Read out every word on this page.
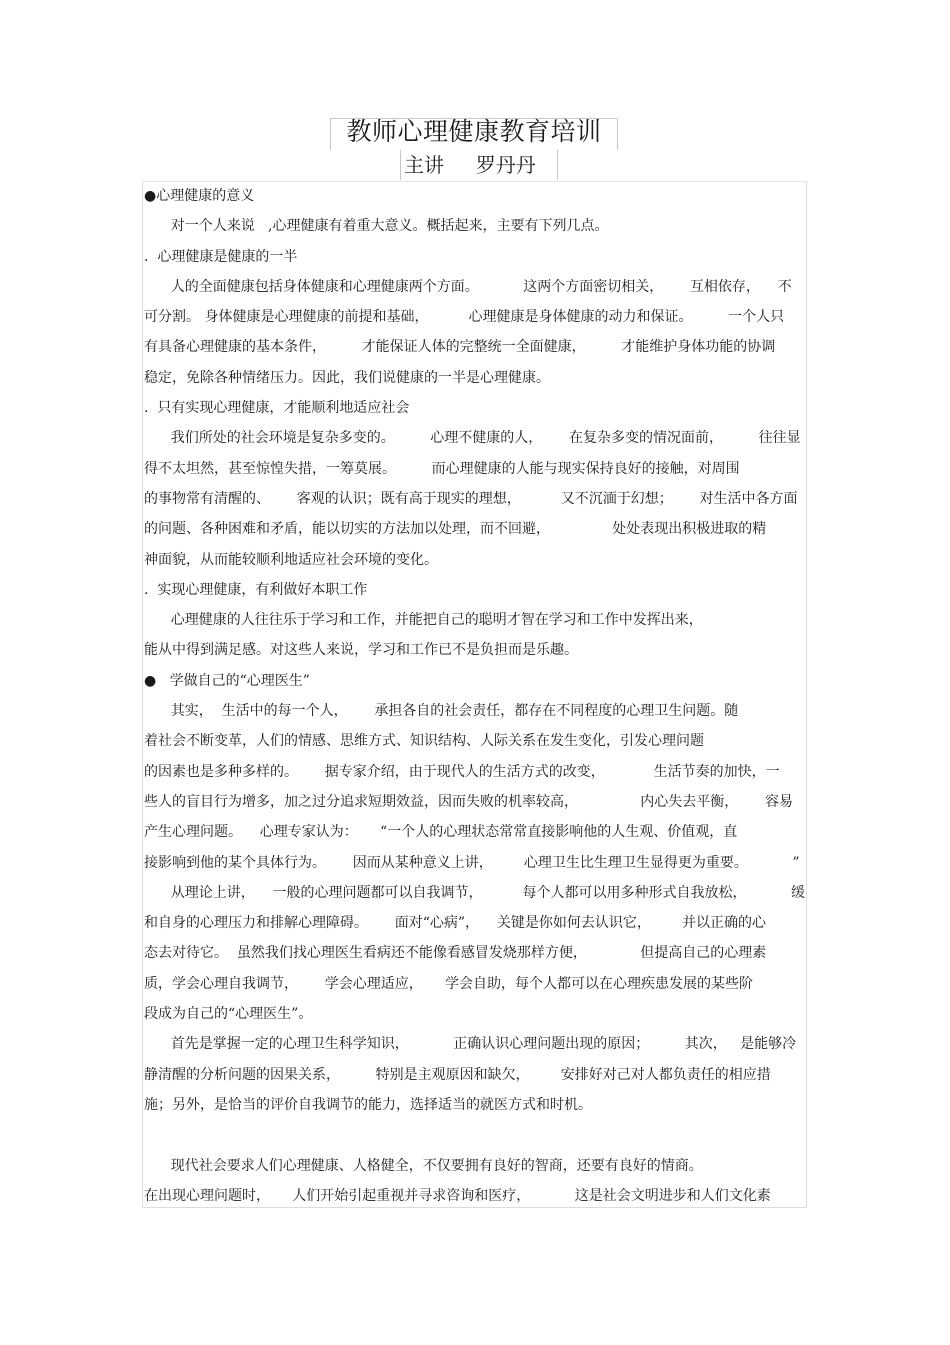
教师心理健康教育培训
主讲     罗丹丹
●心理健康的意义
对一个人来说   ,心理健康有着重大意义。概括起来，主要有下列几点。
.  心理健康是健康的一半
人的全面健康包括身体健康和心理健康两个方面。          这两个方面密切相关，      互相依存，    不
可分割。 身体健康是心理健康的前提和基础，         心理健康是身体健康的动力和保证。        一个人只
有具备心理健康的基本条件，        才能保证人体的完整统一全面健康，        才能维护身体功能的协调
稳定，免除各种情绪压力。因此，我们说健康的一半是心理健康。
.  只有实现心理健康，才能顺利地适应社会
我们所处的社会环境是复杂多变的。        心理不健康的人，      在复杂多变的情况面前，        往往显
得不太坦然，甚至惊惶失措，一筹莫展。        而心理健康的人能与现实保持良好的接触，对周围
的事物常有清醒的、      客观的认识；既有高于现实的理想，         又不沉湎于幻想；      对生活中各方面
的问题、各种困难和矛盾，能以切实的方法加以处理，而不回避，              处处表现出积极进取的精
神面貌，从而能较顺利地适应社会环境的变化。
.  实现心理健康，有利做好本职工作
心理健康的人往往乐于学习和工作，并能把自己的聪明才智在学习和工作中发挥出来，
能从中得到满足感。对这些人来说，学习和工作已不是负担而是乐趣。
●   学做自己的“心理医生”
其实，  生活中的每一个人，      承担各自的社会责任，都存在不同程度的心理卫生问题。随
着社会不断变革，人们的情感、思维方式、知识结构、人际关系在发生变化，引发心理问题
的因素也是多种多样的。      据专家介绍，由于现代人的生活方式的改变，           生活节奏的加快，一
些人的盲目行为增多，加之过分追求短期效益，因而失败的机率较高，              内心失去平衡，      容易
产生心理问题。    心理专家认为：     “一个人的心理状态常常直接影响他的人生观、价值观，直
接影响到他的某个具体行为。      因而从某种意义上讲，       心理卫生比生理卫生显得更为重要。          ”
从理论上讲，    一般的心理问题都可以自我调节，         每个人都可以用多种形式自我放松，          缓
和自身的心理压力和排解心理障碍。      面对“心病”，    关键是你如何去认识它，       并以正确的心
态去对待它。  虽然我们找心理医生看病还不能像看感冒发烧那样方便，            但提高自己的心理素
质，学会心理自我调节，      学会心理适应，     学会自助，每个人都可以在心理疾患发展的某些阶
段成为自己的“心理医生”。
首先是掌握一定的心理卫生科学知识，          正确认识心理问题出现的原因；        其次，   是能够冷
静清醒的分析问题的因果关系，        特别是主观原因和缺欠，       安排好对己对人都负责任的相应措
施；另外，是恰当的评价自我调节的能力，选择适当的就医方式和时机。
现代社会要求人们心理健康、人格健全，不仅要拥有良好的智商，还要有良好的情商。
在出现心理问题时，     人们开始引起重视并寻求咨询和医疗，          这是社会文明进步和人们文化素
